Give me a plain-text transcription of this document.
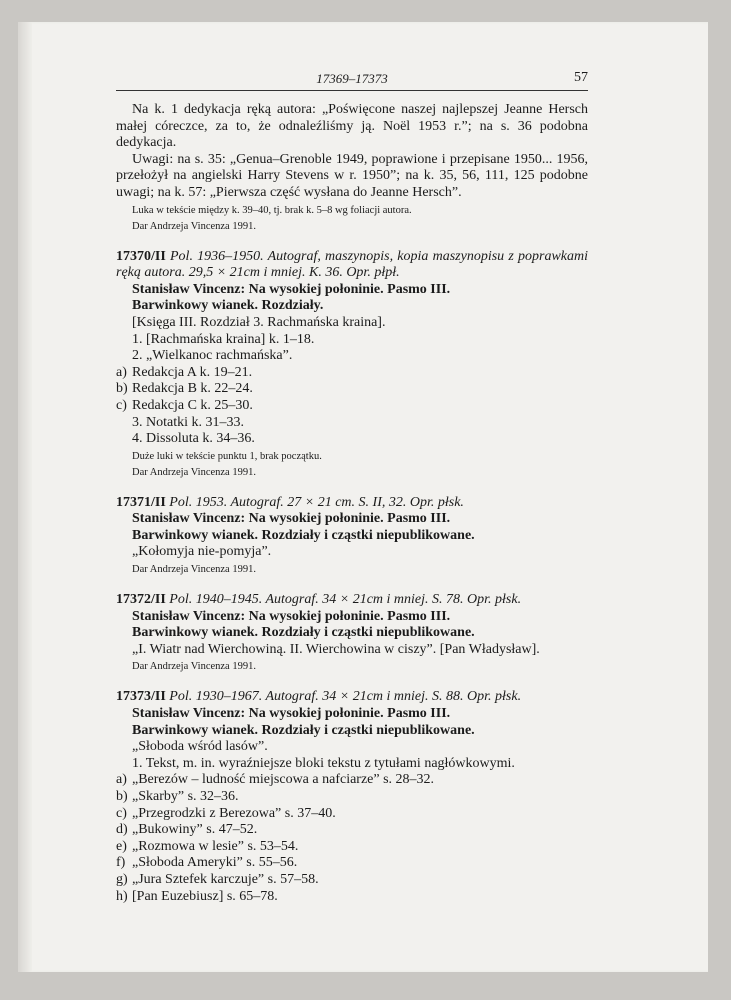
17369–17373	57

Na k. 1 dedykacja ręką autora: „Poświęcone naszej najlepszej Jeanne Hersch małej córeczce, za to, że odnaleźliśmy ją. Noël 1953 r.”; na s. 36 podobna dedykacja.

Uwagi: na s. 35: „Genua–Grenoble 1949, poprawione i przepisane 1950... 1956, przełożył na angielski Harry Stevens w r. 1950”; na k. 35, 56, 111, 125 podobne uwagi; na k. 57: „Pierwsza część wysłana do Jeanne Hersch”.

Luka w tekście między k. 39–40, tj. brak k. 5–8 wg foliacji autora.

Dar Andrzeja Vincenza 1991.

17370/II Pol. 1936–1950. Autograf, maszynopis, kopia maszynopisu z poprawkami ręką autora. 29,5 × 21cm i mniej. K. 36. Opr. płpł.

Stanisław Vincenz: Na wysokiej połoninie. Pasmo III.

Barwinkowy wianek. Rozdziały.

[Księga III. Rozdział 3. Rachmańska kraina].
1. [Rachmańska kraina] k. 1–18.
2. „Wielkanoc rachmańska”.
a) Redakcja A k. 19–21.
b) Redakcja B k. 22–24.
c) Redakcja C k. 25–30.
3. Notatki k. 31–33.
4. Dissoluta k. 34–36.

Duże luki w tekście punktu 1, brak początku.

Dar Andrzeja Vincenza 1991.

17371/II Pol. 1953. Autograf. 27 × 21 cm. S. II, 32. Opr. płsk.

Stanisław Vincenz: Na wysokiej połoninie. Pasmo III.

Barwinkowy wianek. Rozdziały i cząstki niepublikowane.

„Kołomyja nie-pomyja”.

Dar Andrzeja Vincenza 1991.

17372/II Pol. 1940–1945. Autograf. 34 × 21cm i mniej. S. 78. Opr. płsk.

Stanisław Vincenz: Na wysokiej połoninie. Pasmo III.

Barwinkowy wianek. Rozdziały i cząstki niepublikowane.

„I. Wiatr nad Wierchowiną. II. Wierchowina w ciszy”. [Pan Władysław].

Dar Andrzeja Vincenza 1991.

17373/II Pol. 1930–1967. Autograf. 34 × 21cm i mniej. S. 88. Opr. płsk.

Stanisław Vincenz: Na wysokiej połoninie. Pasmo III.

Barwinkowy wianek. Rozdziały i cząstki niepublikowane.

„Słoboda wśród lasów”.
1. Tekst, m. in. wyraźniejsze bloki tekstu z tytułami nagłówkowymi.
a) „Berezów – ludność miejscowa a nafciarze” s. 28–32.
b) „Skarby” s. 32–36.
c) „Przegrodzki z Berezowa” s. 37–40.
d) „Bukowiny” s. 47–52.
e) „Rozmowa w lesie” s. 53–54.
f) „Słoboda Ameryki” s. 55–56.
g) „Jura Sztefek karczuje” s. 57–58.
h) [Pan Euzebiusz] s. 65–78.
